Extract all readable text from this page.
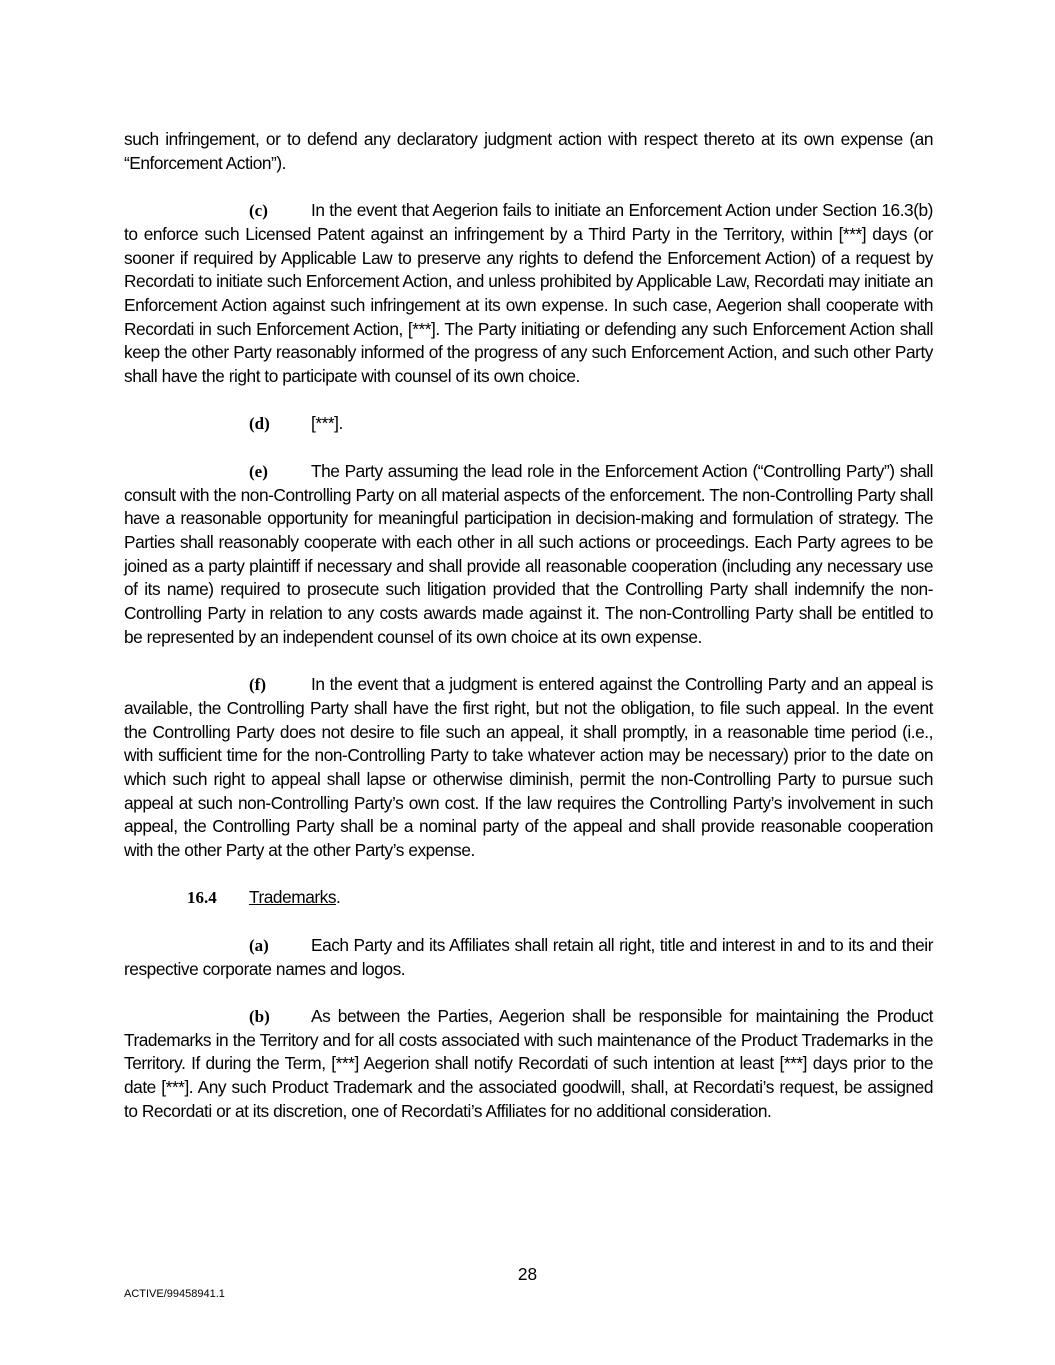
such infringement, or to defend any declaratory judgment action with respect thereto at its own expense (an “Enforcement Action”).

(c) In the event that Aegerion fails to initiate an Enforcement Action under Section 16.3(b) to enforce such Licensed Patent against an infringement by a Third Party in the Territory, within [***] days (or sooner if required by Applicable Law to preserve any rights to defend the Enforcement Action) of a request by Recordati to initiate such Enforcement Action, and unless prohibited by Applicable Law, Recordati may initiate an Enforcement Action against such infringement at its own expense. In such case, Aegerion shall cooperate with Recordati in such Enforcement Action, [***]. The Party initiating or defending any such Enforcement Action shall keep the other Party reasonably informed of the progress of any such Enforcement Action, and such other Party shall have the right to participate with counsel of its own choice.

(d) [***].

(e) The Party assuming the lead role in the Enforcement Action (“Controlling Party”) shall consult with the non-Controlling Party on all material aspects of the enforcement. The non-Controlling Party shall have a reasonable opportunity for meaningful participation in decision-making and formulation of strategy. The Parties shall reasonably cooperate with each other in all such actions or proceedings. Each Party agrees to be joined as a party plaintiff if necessary and shall provide all reasonable cooperation (including any necessary use of its name) required to prosecute such litigation provided that the Controlling Party shall indemnify the non-Controlling Party in relation to any costs awards made against it. The non-Controlling Party shall be entitled to be represented by an independent counsel of its own choice at its own expense.

(f)	In the event that a judgment is entered against the Controlling Party and an appeal is available, the Controlling Party shall have the first right, but not the obligation, to file such appeal. In the event the Controlling Party does not desire to file such an appeal, it shall promptly, in a reasonable time period (i.e., with sufficient time for the non-Controlling Party to take whatever action may be necessary) prior to the date on which such right to appeal shall lapse or otherwise diminish, permit the non-Controlling Party to pursue such appeal at such non-Controlling Party’s own cost. If the law requires the Controlling Party’s involvement in such appeal, the Controlling Party shall be a nominal party of the appeal and shall provide reasonable cooperation with the other Party at the other Party’s expense.

16.4 Trademarks.

(a) Each Party and its Affiliates shall retain all right, title and interest in and to its and their respective corporate names and logos.

(b) As between the Parties, Aegerion shall be responsible for maintaining the Product Trademarks in the Territory and for all costs associated with such maintenance of the Product Trademarks in the Territory. If during the Term, [***] Aegerion shall notify Recordati of such intention at least [***] days prior to the date [***]. Any such Product Trademark and the associated goodwill, shall, at Recordati’s request, be assigned to Recordati or at its discretion, one of Recordati’s Affiliates for no additional consideration.

28
ACTIVE/99458941.1
